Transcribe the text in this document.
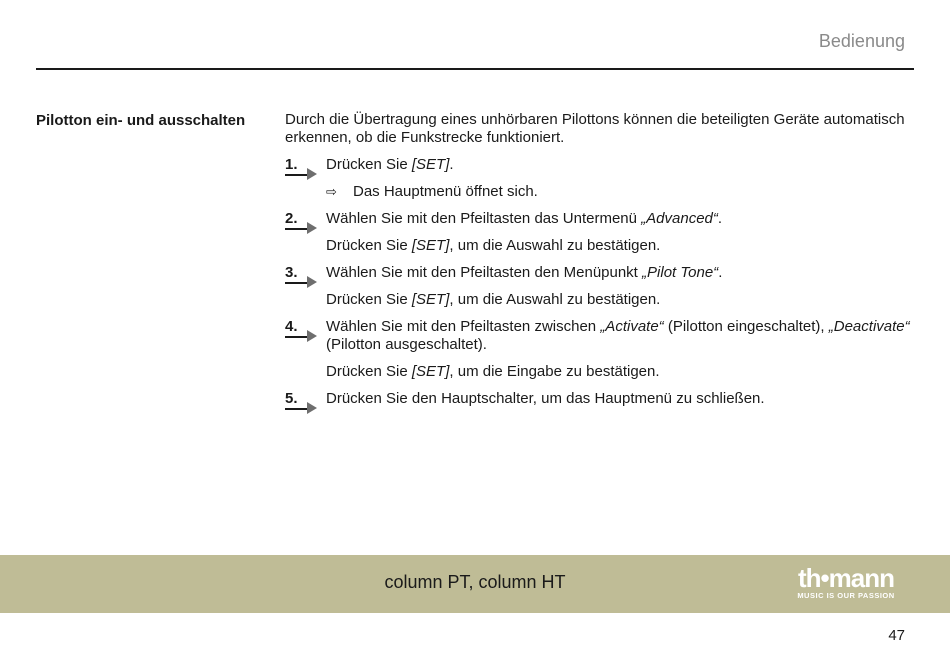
Bedienung
Pilotton ein- und ausschalten	Durch die Übertragung eines unhörbaren Pilottons können die beteiligten Geräte automatisch erkennen, ob die Funkstrecke funktioniert.

1. Drücken Sie [SET].

⇨ Das Hauptmenü öffnet sich.

2. Wählen Sie mit den Pfeiltasten das Untermenü „Advanced“.

Drücken Sie [SET], um die Auswahl zu bestätigen.

3. Wählen Sie mit den Pfeiltasten den Menüpunkt „Pilot Tone“.

Drücken Sie [SET], um die Auswahl zu bestätigen.

4. Wählen Sie mit den Pfeiltasten zwischen „Activate“ (Pilotton eingeschaltet), „Deactivate“ (Pilotton ausgeschaltet).

Drücken Sie [SET], um die Eingabe zu bestätigen.

5. Drücken Sie den Hauptschalter, um das Hauptmenü zu schließen.

column PT, column HT	th•mann
MUSIC IS OUR PASSION
47
